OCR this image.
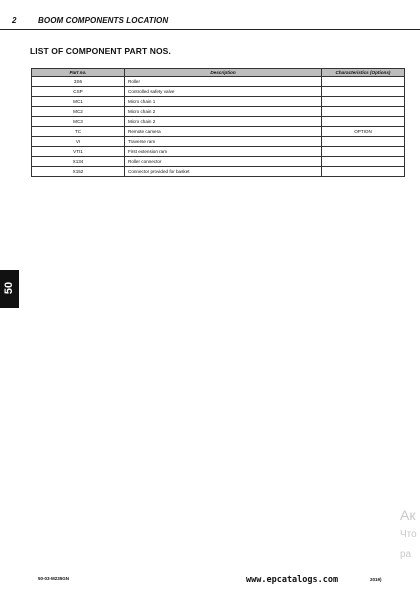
2	BOOM COMPONENTS LOCATION
LIST OF COMPONENT PART NOS.
Part no.	Description	Characteristics (Options)
3S6	Roller	
CSP	Controlled safety valve	
MC1	Micro chain 1	
MC2	Micro chain 2	
MC3	Micro chain 2	
TC	Remote camera	OPTION
VI	Traverse ram	
VTI1	First extension ram	
X134	Roller connector	
X152	Connector provided for basket	
50
Ак
Что
ра
50-03-M235GN	www.epcatalogs.com	2019)
